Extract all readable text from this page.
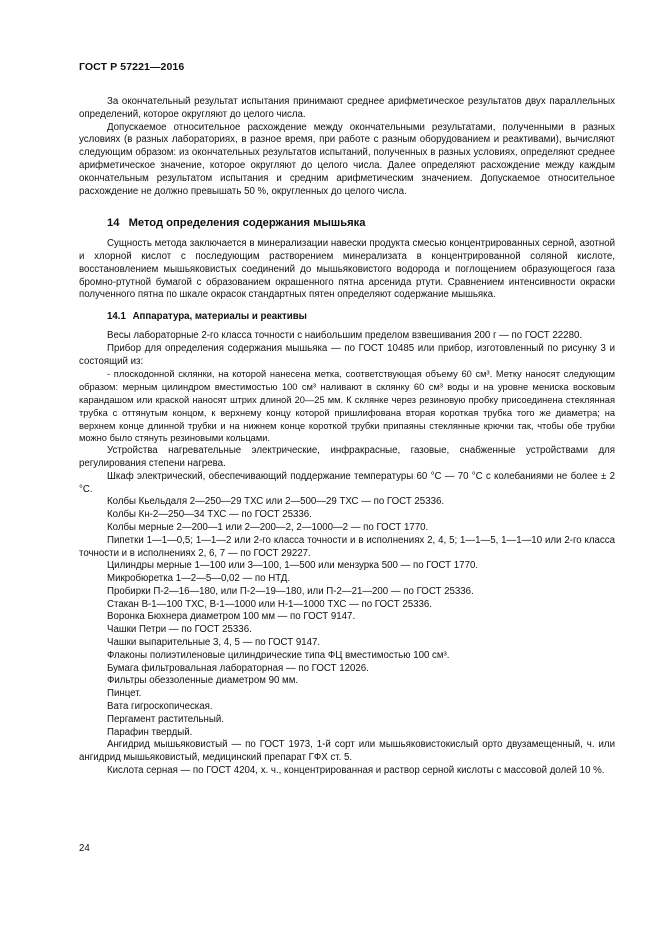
ГОСТ Р 57221—2016

За окончательный результат испытания принимают среднее арифметическое результатов двух параллельных определений, которое округляют до целого числа.

Допускаемое относительное расхождение между окончательными результатами, полученными в разных условиях (в разных лабораториях, в разное время, при работе с разным оборудованием и реактивами), вычисляют следующим образом: из окончательных результатов испытаний, полученных в разных условиях, определяют среднее арифметическое значение, которое округляют до целого числа. Далее определяют расхождение между каждым окончательным результатом испытания и средним арифметическим значением. Допускаемое относительное расхождение не должно превышать 50 %, округленных до целого числа.

14 Метод определения содержания мышьяка

Сущность метода заключается в минерализации навески продукта смесью концентрированных серной, азотной и хлорной кислот с последующим растворением минерализата в концентрированной соляной кислоте, восстановлением мышьяковистых соединений до мышьяковистого водорода и поглощением образующегося газа бромно-ртутной бумагой с образованием окрашенного пятна арсенида ртути. Сравнением интенсивности окраски полученного пятна по шкале окрасок стандартных пятен определяют содержание мышьяка.

14.1 Аппаратура, материалы и реактивы

Весы лабораторные 2-го класса точности с наибольшим пределом взвешивания 200 г — по ГОСТ 22280.

Прибор для определения содержания мышьяка — по ГОСТ 10485 или прибор, изготовленный по рисунку 3 и состоящий из:

- плоскодонной склянки, на которой нанесена метка, соответствующая объему 60 см³. Метку наносят следующим образом: мерным цилиндром вместимостью 100 см³ наливают в склянку 60 см³ воды и на уровне мениска восковым карандашом или краской наносят штрих длиной 20—25 мм. К склянке через резиновую пробку присоединена стеклянная трубка с оттянутым концом, к верхнему концу которой пришлифована вторая короткая трубка того же диаметра; на верхнем конце длинной трубки и на нижнем конце короткой трубки припаяны стеклянные крючки так, чтобы обе трубки можно было стянуть резиновыми кольцами.

Устройства нагревательные электрические, инфракрасные, газовые, снабженные устройствами для регулирования степени нагрева.

Шкаф электрический, обеспечивающий поддержание температуры 60 °С — 70 °С с колебаниями не более ± 2 °С.

Колбы Кьельдаля 2—250—29 ТХС или 2—500—29 ТХС — по ГОСТ 25336.

Колбы Кн-2—250—34 ТХС — по ГОСТ 25336.

Колбы мерные 2—200—1 или 2—200—2, 2—1000—2 — по ГОСТ 1770.

Пипетки 1—1—0,5; 1—1—2 или 2-го класса точности и в исполнениях 2, 4, 5; 1—1—5, 1—1—10 или 2-го класса точности и в исполнениях 2, 6, 7 — по ГОСТ 29227.

Цилиндры мерные 1—100 или 3—100, 1—500 или мензурка 500 — по ГОСТ 1770.

Микробюретка 1—2—5—0,02 — по НТД.

Пробирки П-2—16—180, или П-2—19—180, или П-2—21—200 — по ГОСТ 25336.

Стакан В-1—100 ТХС, В-1—1000 или Н-1—1000 ТХС — по ГОСТ 25336.

Воронка Бюхнера диаметром 100 мм — по ГОСТ 9147.

Чашки Петри — по ГОСТ 25336.

Чашки выпарительные 3, 4, 5 — по ГОСТ 9147.

Флаконы полиэтиленовые цилиндрические типа ФЦ вместимостью 100 см³.

Бумага фильтровальная лабораторная — по ГОСТ 12026.

Фильтры обеззоленные диаметром 90 мм.

Пинцет.

Вата гигроскопическая.

Пергамент растительный.

Парафин твердый.

Ангидрид мышьяковистый — по ГОСТ 1973, 1-й сорт или мышьяковистокислый орто двузамещенный, ч. или ангидрид мышьяковистый, медицинский препарат ГФХ ст. 5.

Кислота серная — по ГОСТ 4204, х. ч., концентрированная и раствор серной кислоты с массовой долей 10 %.

24
